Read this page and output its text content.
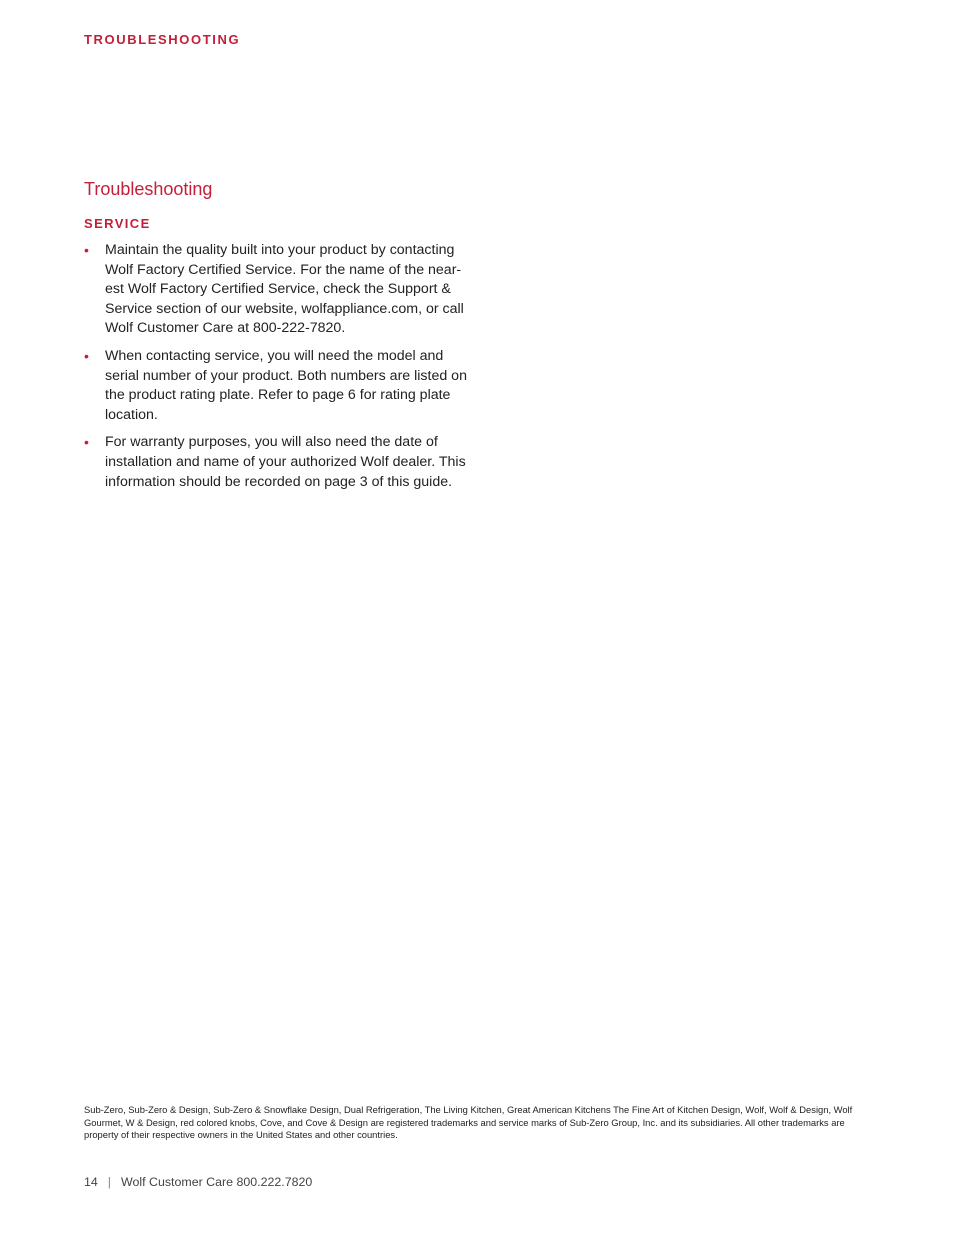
TROUBLESHOOTING
Troubleshooting
SERVICE
• Maintain the quality built into your product by contacting Wolf Factory Certified Service. For the name of the near- est Wolf Factory Certified Service, check the Support & Service section of our website, wolfappliance.com, or call Wolf Customer Care at 800-222-7820.
• When contacting service, you will need the model and serial number of your product. Both numbers are listed on the product rating plate. Refer to page 6 for rating plate location.
• For warranty purposes, you will also need the date of installation and name of your authorized Wolf dealer. This information should be recorded on page 3 of this guide.
Sub-Zero, Sub-Zero & Design, Sub-Zero & Snowflake Design, Dual Refrigeration, The Living Kitchen, Great American Kitchens The Fine Art of Kitchen Design, Wolf, Wolf & Design, Wolf Gourmet, W & Design, red colored knobs, Cove, and Cove & Design are registered trademarks and service marks of Sub-Zero Group, Inc. and its subsidiaries. All other trademarks are property of their respective owners in the United States and other countries.
14 | Wolf Customer Care 800.222.7820
